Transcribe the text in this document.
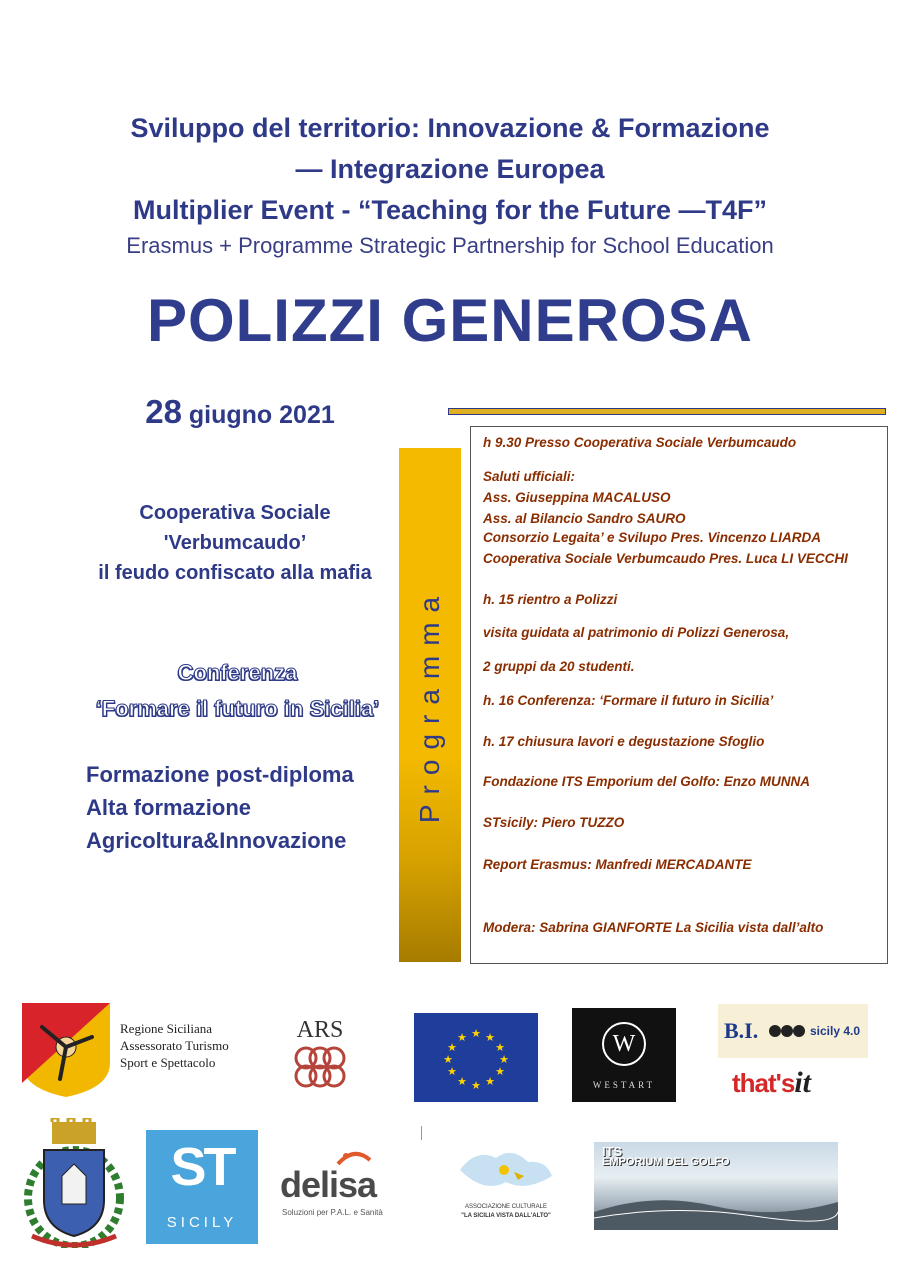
Sviluppo del territorio: Innovazione & Formazione
— Integrazione Europea
Multiplier Event - “Teaching for the Future —T4F”
Erasmus + Programme Strategic Partnership for School Education
POLIZZI GENEROSA
28 giugno 2021
Cooperativa Sociale
'Verbumcaudo’
il feudo confiscato alla mafia
Conferenza
‘Formare il futuro in Sicilia’
Formazione post-diploma
Alta formazione
Agricoltura&Innovazione
Programma
h 9.30 Presso Cooperativa Sociale Verbumcaudo
Saluti ufficiali:
Ass. Giuseppina MACALUSO
Ass. al Bilancio Sandro SAURO
Consorzio Legaita’ e Svilupo Pres. Vincenzo LIARDA
Cooperativa Sociale Verbumcaudo Pres. Luca LI VECCHI
h. 15 rientro a Polizzi
visita guidata al patrimonio di Polizzi Generosa,
2 gruppi da 20 studenti.
h. 16 Conferenza: ‘Formare il futuro in Sicilia’
h. 17 chiusura lavori e degustazione Sfoglio
Fondazione ITS Emporium del Golfo: Enzo MUNNA
STsicily: Piero TUZZO
Report Erasmus: Manfredi MERCADANTE
Modera: Sabrina GIANFORTE La Sicilia vista dall’alto
Regione Siciliana
Assessorato Turismo
Sport e Spettacolo
ARS	★ ★
★
★
★
★
★
★
★
★
★
★	W
WESTART
B.I.	sicily 4.0
that'sit
ST
SICILY
delisa
Soluzioni per P.A.L. e Sanità
ASSOCIAZIONE CULTURALE
"LA SICILIA VISTA DALL'ALTO"
ITS
EMPORIUM DEL GOLFO
